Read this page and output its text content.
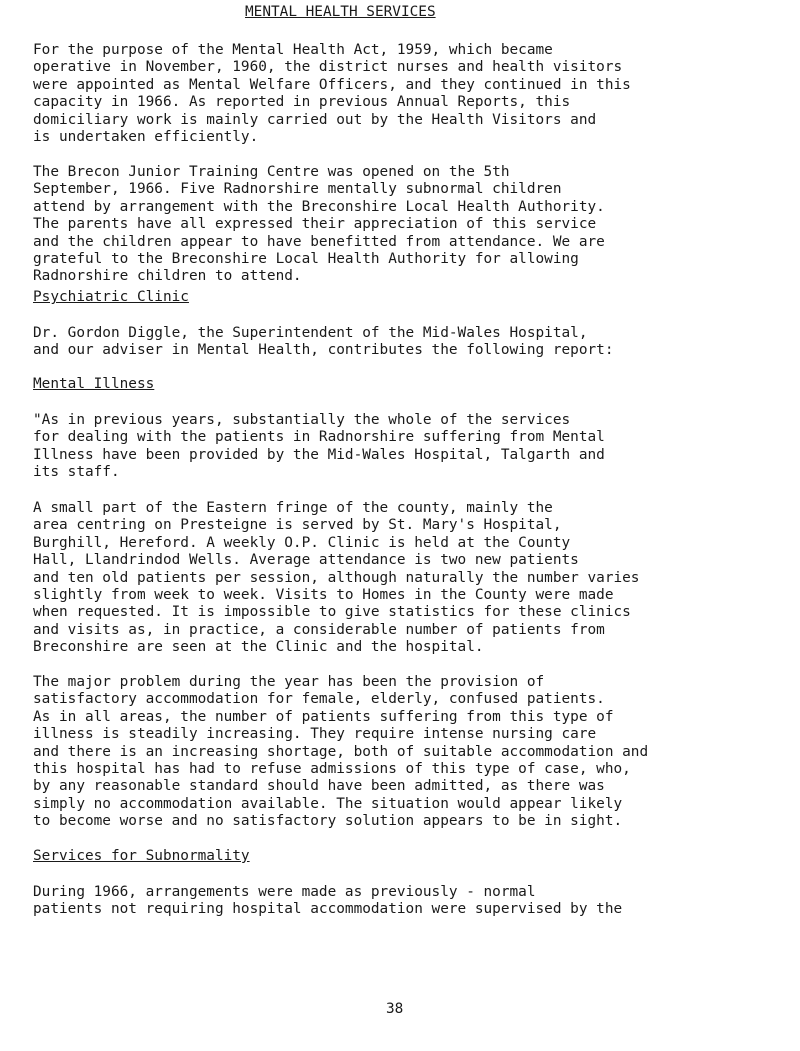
MENTAL HEALTH SERVICES

For the purpose of the Mental Health Act, 1959, which became
operative in November, 1960, the district nurses and health visitors
were appointed as Mental Welfare Officers, and they continued in this
capacity in 1966. As reported in previous Annual Reports, this
domiciliary work is mainly carried out by the Health Visitors and
is undertaken efficiently.

The Brecon Junior Training Centre was opened on the 5th
September, 1966. Five Radnorshire mentally subnormal children
attend by arrangement with the Breconshire Local Health Authority.
The parents have all expressed their appreciation of this service
and the children appear to have benefitted from attendance. We are
grateful to the Breconshire Local Health Authority for allowing
Radnorshire children to attend.

Psychiatric Clinic

Dr. Gordon Diggle, the Superintendent of the Mid-Wales Hospital,
and our adviser in Mental Health, contributes the following report:

Mental Illness

"As in previous years, substantially the whole of the services
for dealing with the patients in Radnorshire suffering from Mental
Illness have been provided by the Mid-Wales Hospital, Talgarth and
its staff.

A small part of the Eastern fringe of the county, mainly the
area centring on Presteigne is served by St. Mary's Hospital,
Burghill, Hereford. A weekly O.P. Clinic is held at the County
Hall, Llandrindod Wells. Average attendance is two new patients
and ten old patients per session, although naturally the number varies
slightly from week to week. Visits to Homes in the County were made
when requested. It is impossible to give statistics for these clinics
and visits as, in practice, a considerable number of patients from
Breconshire are seen at the Clinic and the hospital.

The major problem during the year has been the provision of
satisfactory accommodation for female, elderly, confused patients.
As in all areas, the number of patients suffering from this type of
illness is steadily increasing. They require intense nursing care
and there is an increasing shortage, both of suitable accommodation and
this hospital has had to refuse admissions of this type of case, who,
by any reasonable standard should have been admitted, as there was
simply no accommodation available. The situation would appear likely
to become worse and no satisfactory solution appears to be in sight.

Services for Subnormality

During 1966, arrangements were made as previously - normal
patients not requiring hospital accommodation were supervised by the

38
